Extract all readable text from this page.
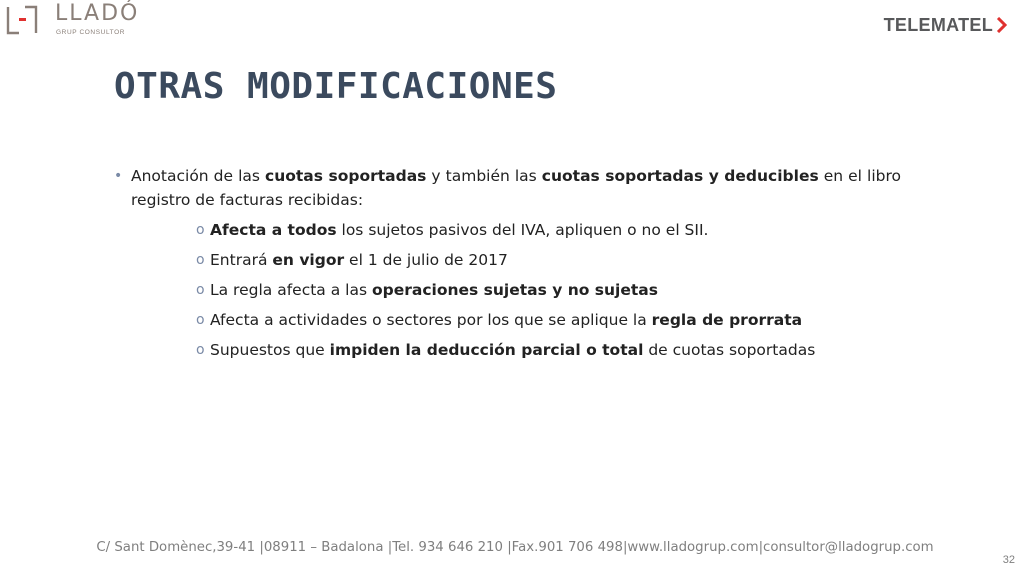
LLADÓ
GRUP CONSULTOR	TELEMATEL
OTRAS MODIFICACIONES
• Anotación de las cuotas soportadas y también las cuotas soportadas y deducibles en el libro registro de facturas recibidas:
o Afecta a todos los sujetos pasivos del IVA, apliquen o no el SII.
o Entrará en vigor el 1 de julio de 2017
o La regla afecta a las operaciones sujetas y no sujetas
o Afecta a actividades o sectores por los que se aplique la regla de prorrata
o Supuestos que impiden la deducción parcial o total de cuotas soportadas
C/ Sant Domènec,39-41 |08911 – Badalona |Tel. 934 646 210 |Fax.901 706 498|www.lladogrup.com|consultor@lladogrup.com
32
